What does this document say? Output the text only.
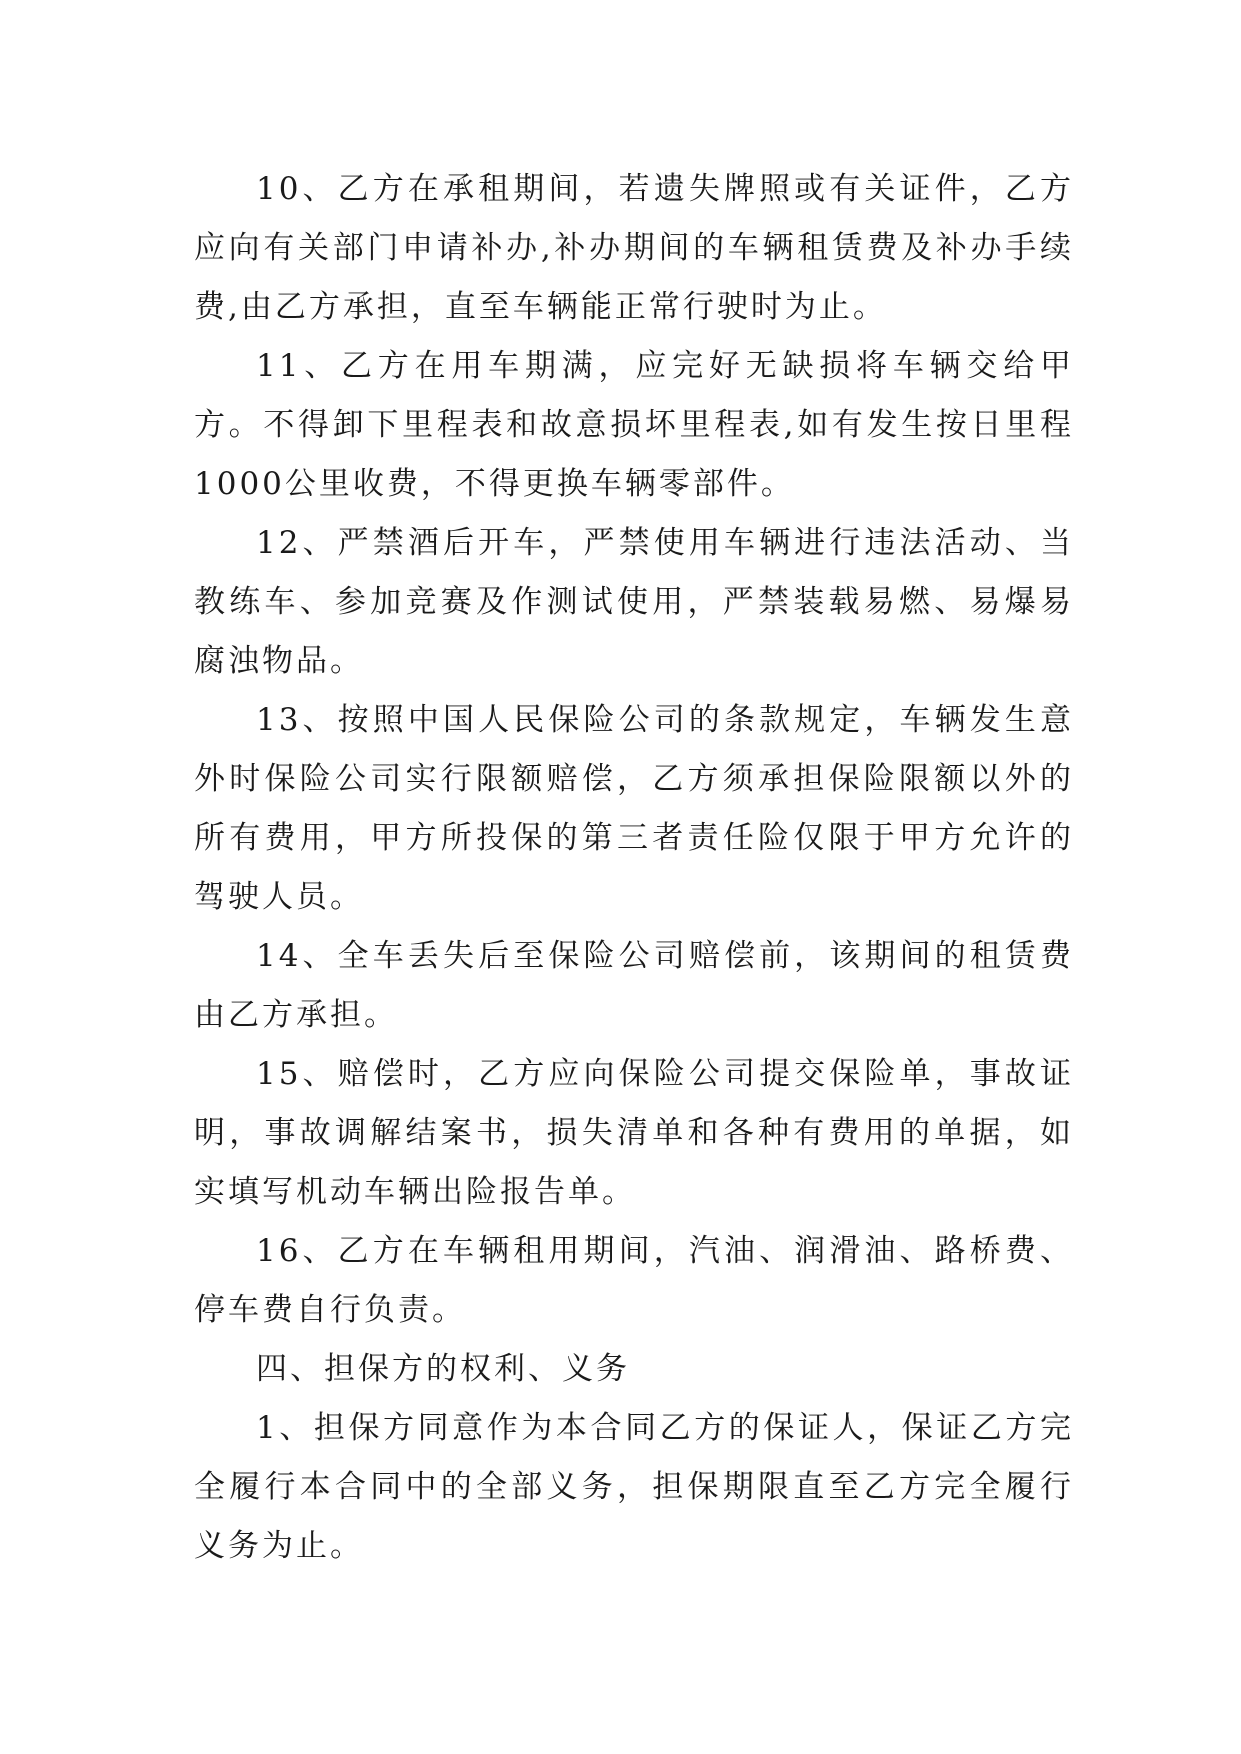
10、乙方在承租期间，若遗失牌照或有关证件，乙方应向有关部门申请补办,补办期间的车辆租赁费及补办手续费,由乙方承担，直至车辆能正常行驶时为止。

11、乙方在用车期满，应完好无缺损将车辆交给甲方。不得卸下里程表和故意损坏里程表,如有发生按日里程 1000公里收费，不得更换车辆零部件。

12、严禁酒后开车，严禁使用车辆进行违法活动、当教练车、参加竞赛及作测试使用，严禁装载易燃、易爆易腐浊物品。

13、按照中国人民保险公司的条款规定，车辆发生意外时保险公司实行限额赔偿，乙方须承担保险限额以外的所有费用，甲方所投保的第三者责任险仅限于甲方允许的驾驶人员。

14、全车丢失后至保险公司赔偿前，该期间的租赁费由乙方承担。

15、赔偿时，乙方应向保险公司提交保险单，事故证明，事故调解结案书，损失清单和各种有费用的单据，如实填写机动车辆出险报告单。

16、乙方在车辆租用期间，汽油、润滑油、路桥费、停车费自行负责。

四、担保方的权利、义务

1、担保方同意作为本合同乙方的保证人，保证乙方完全履行本合同中的全部义务，担保期限直至乙方完全履行义务为止。
